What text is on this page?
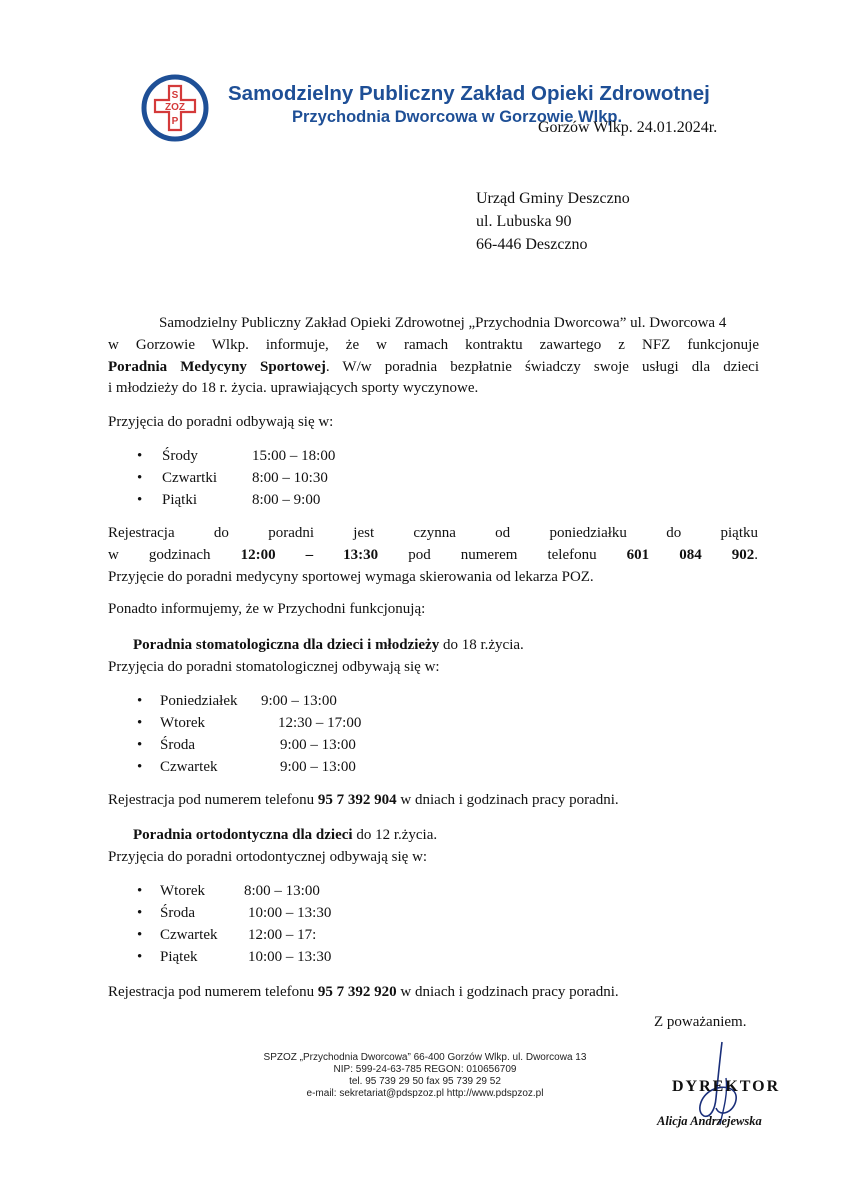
S
ZOZ
P
Samodzielny Publiczny Zakład Opieki Zdrowotnej
Przychodnia Dworcowa w Gorzowie Wlkp.
Gorzów Wlkp. 24.01.2024r.
Urząd Gminy Deszczno
ul. Lubuska 90
66-446 Deszczno
Samodzielny Publiczny Zakład Opieki Zdrowotnej „Przychodnia Dworcowa” ul. Dworcowa 4
w Gorzowie Wlkp. informuje, że w ramach kontraktu zawartego z NFZ funkcjonuje
Poradnia Medycyny Sportowej. W/w poradnia bezpłatnie świadczy swoje usługi dla dzieci
i młodzieży do 18 r. życia. uprawiających sporty wyczynowe.
Przyjęcia do poradni odbywają się w:
• Środy	15:00 – 18:00
• Czwartki 8:00 – 10:30
• Piątki	8:00 – 9:00
Rejestracja do poradni jest czynna od poniedziałku do piątku
w godzinach 12:00 – 13:30 pod numerem telefonu 601 084 902.
Przyjęcie do poradni medycyny sportowej wymaga skierowania od lekarza POZ.
Ponadto informujemy, że w Przychodni funkcjonują:
Poradnia stomatologiczna dla dzieci i młodzieży do 18 r.życia.
Przyjęcia do poradni stomatologicznej odbywają się w:
• Poniedziałek 9:00 – 13:00
• Wtorek	12:30 – 17:00
• Środa	9:00 – 13:00
• Czwartek	9:00 – 13:00
Rejestracja pod numerem telefonu 95 7 392 904 w dniach i godzinach pracy poradni.
Poradnia ortodontyczna dla dzieci do 12 r.życia.
Przyjęcia do poradni ortodontycznej odbywają się w:
• Wtorek	8:00 – 13:00
• Środa	10:00 – 13:30
• Czwartek 12:00 – 17:
• Piątek	10:00 – 13:30
Rejestracja pod numerem telefonu 95 7 392 920 w dniach i godzinach pracy poradni.
Z poważaniem.
SPZOZ „Przychodnia Dworcowa” 66-400 Gorzów Wlkp. ul. Dworcowa 13
NIP: 599-24-63-785 REGON: 010656709
tel. 95 739 29 50 fax 95 739 29 52
e-mail: sekretariat@pdspzoz.pl http://www.pdspzoz.pl	DYREKTOR
Alicja Andrzejewska
